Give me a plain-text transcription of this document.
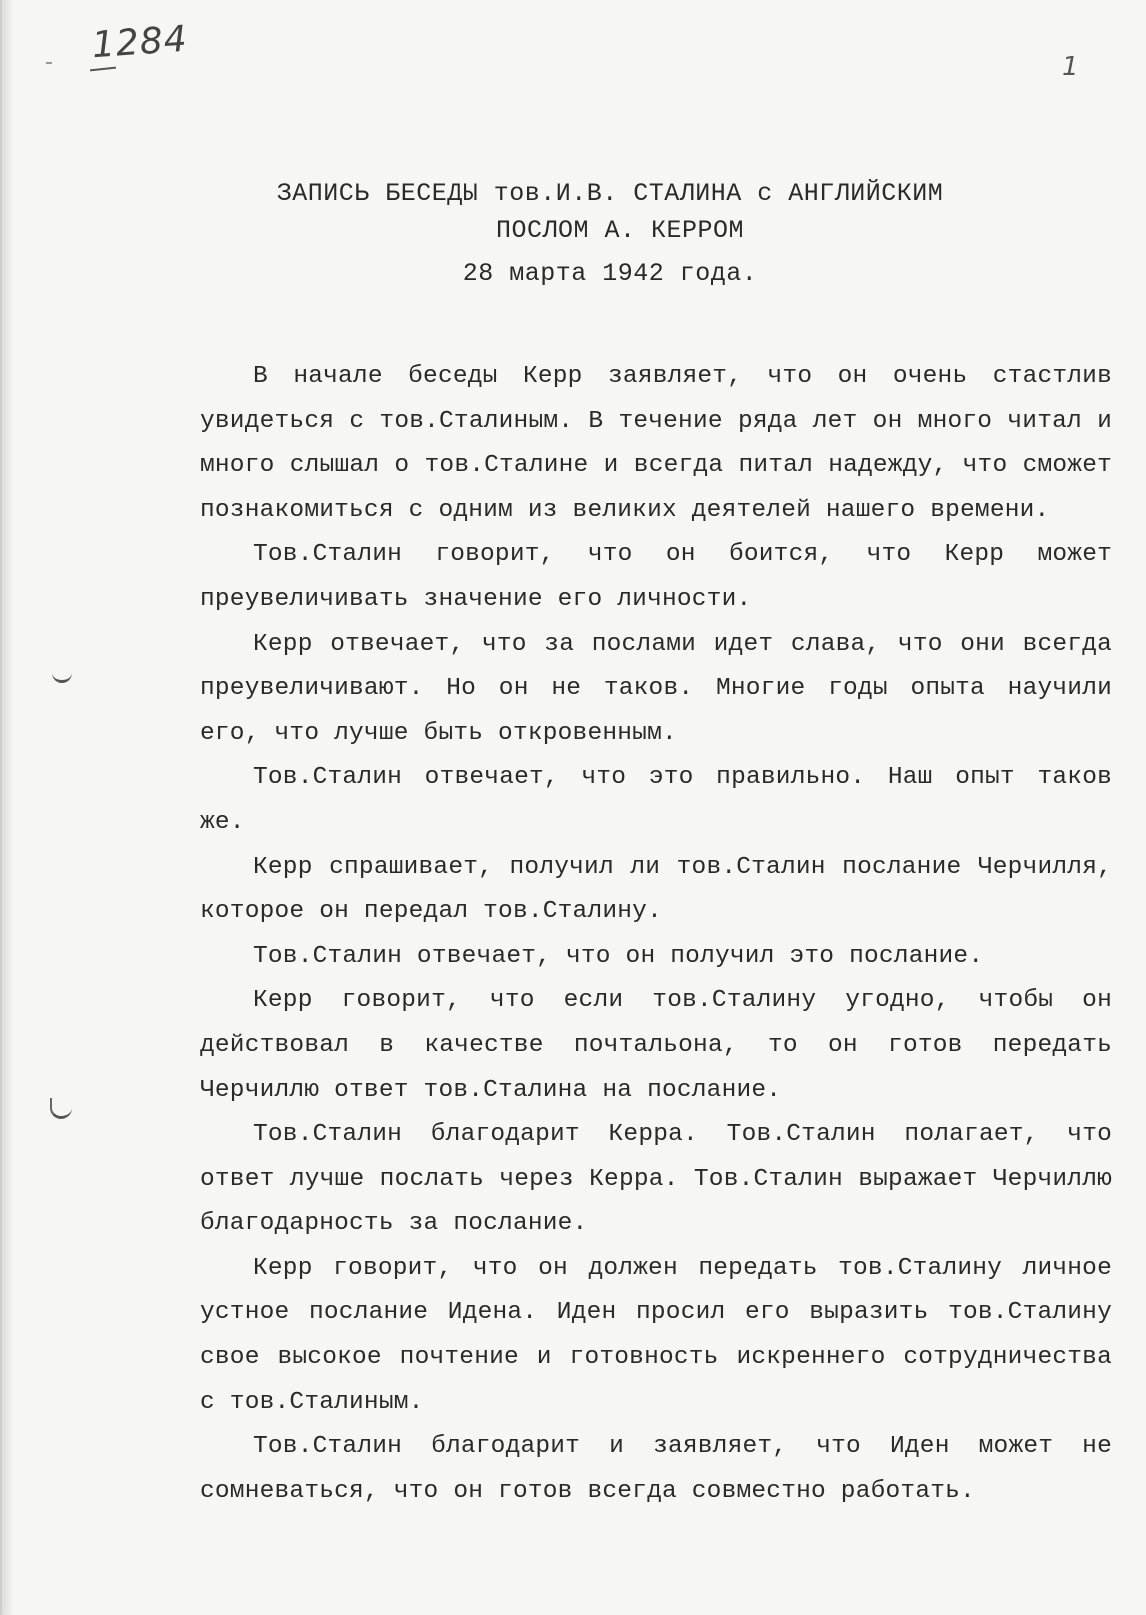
1284
1
ЗАПИСЬ БЕСЕДЫ тов.И.В. СТАЛИНА с АНГЛИЙСКИМ
ПОСЛОМ А. КЕРРОМ
28 марта 1942 года.

В начале беседы Керр заявляет, что он очень стастлив увидеться с тов.Сталиным. В течение ряда лет он много читал и много слышал о тов.Сталине и всегда питал надежду, что сможет познакомиться с одним из великих деятелей нашего времени.

Тов.Сталин говорит, что он боится, что Керр может преувеличивать значение его личности.

Керр отвечает, что за послами идет слава, что они всегда преувеличивают. Но он не таков. Многие годы опыта научили его, что лучше быть откровенным.

Тов.Сталин отвечает, что это правильно. Наш опыт таков же.

Керр спрашивает, получил ли тов.Сталин послание Черчилля, которое он передал тов.Сталину.

Тов.Сталин отвечает, что он получил это послание.

Керр говорит, что если тов.Сталину угодно, чтобы он действовал в качестве почтальона, то он готов передать Черчиллю ответ тов.Сталина на послание.

Тов.Сталин благодарит Керра. Тов.Сталин полагает, что ответ лучше послать через Керра. Тов.Сталин выражает Черчиллю благодарность за послание.

Керр говорит, что он должен передать тов.Сталину личное устное послание Идена. Иден просил его выразить тов.Сталину свое высокое почтение и готовность искреннего сотрудничества с тов.Сталиным.

Тов.Сталин благодарит и заявляет, что Иден может не сомневаться, что он готов всегда совместно работать.
